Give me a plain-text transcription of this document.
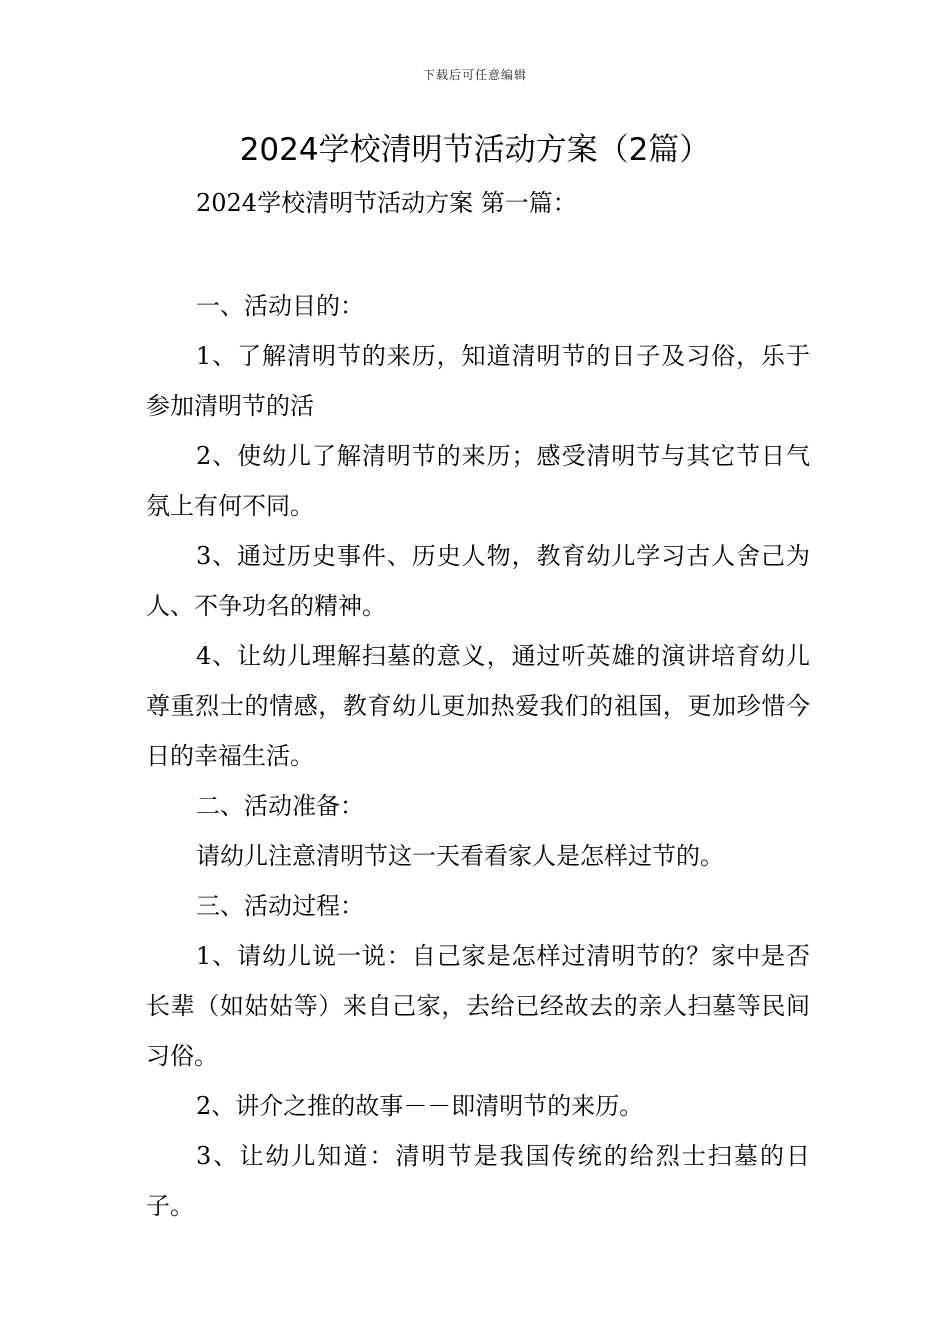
下载后可任意编辑
2024学校清明节活动方案（2篇）

2024学校清明节活动方案 第一篇：

一、活动目的：

1、了解清明节的来历，知道清明节的日子及习俗，乐于参加清明节的活

2、使幼儿了解清明节的来历；感受清明节与其它节日气氛上有何不同。

3、通过历史事件、历史人物，教育幼儿学习古人舍己为人、不争功名的精神。

4、让幼儿理解扫墓的意义，通过听英雄的演讲培育幼儿尊重烈士的情感，教育幼儿更加热爱我们的祖国，更加珍惜今日的幸福生活。

二、活动准备：

请幼儿注意清明节这一天看看家人是怎样过节的。

三、活动过程：

1、请幼儿说一说：自己家是怎样过清明节的？家中是否长辈（如姑姑等）来自己家，去给已经故去的亲人扫墓等民间习俗。

2、讲介之推的故事－－即清明节的来历。

3、让幼儿知道：清明节是我国传统的给烈士扫墓的日子。
